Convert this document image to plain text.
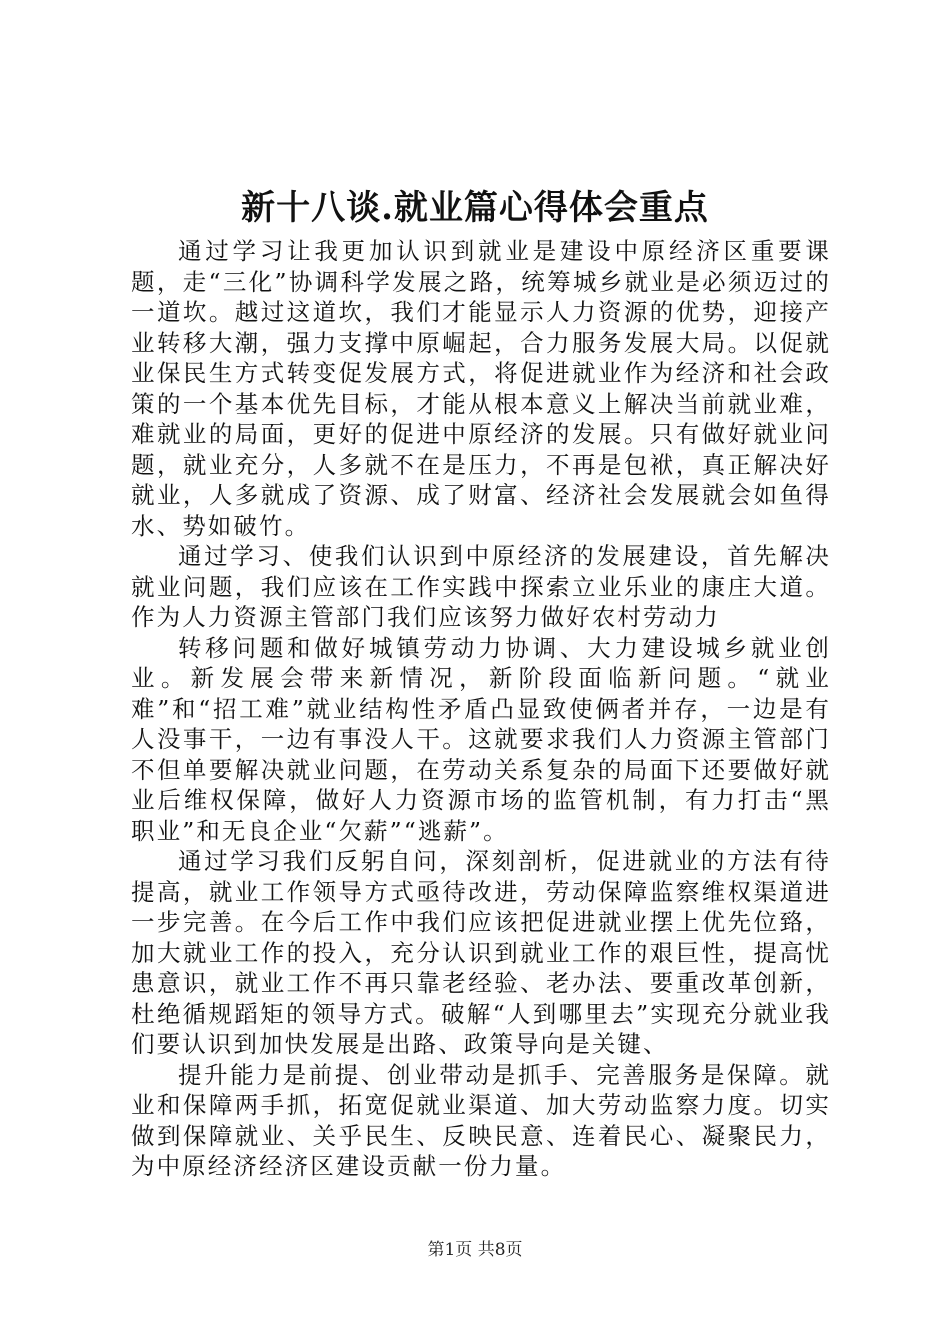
新十八谈.就业篇心得体会重点

通过学习让我更加认识到就业是建设中原经济区重要课题，走“三化”协调科学发展之路，统筹城乡就业是必须迈过的一道坎。越过这道坎，我们才能显示人力资源的优势，迎接产业转移大潮，强力支撑中原崛起，合力服务发展大局。以促就业保民生方式转变促发展方式，将促进就业作为经济和社会政策的一个基本优先目标，才能从根本意义上解决当前就业难，难就业的局面，更好的促进中原经济的发展。只有做好就业问题，就业充分，人多就不在是压力，不再是包袱，真正解决好就业，人多就成了资源、成了财富、经济社会发展就会如鱼得水、势如破竹。

通过学习、使我们认识到中原经济的发展建设，首先解决就业问题，我们应该在工作实践中探索立业乐业的康庄大道。作为人力资源主管部门我们应该努力做好农村劳动力

转移问题和做好城镇劳动力协调、大力建设城乡就业创业。新发展会带来新情况，新阶段面临新问题。“就业难”和“招工难”就业结构性矛盾凸显致使俩者并存，一边是有人没事干，一边有事没人干。这就要求我们人力资源主管部门不但单要解决就业问题，在劳动关系复杂的局面下还要做好就业后维权保障，做好人力资源市场的监管机制，有力打击“黑职业”和无良企业“欠薪”“逃薪”。

通过学习我们反躬自问，深刻剖析，促进就业的方法有待提高，就业工作领导方式亟待改进，劳动保障监察维权渠道进一步完善。在今后工作中我们应该把促进就业摆上优先位臵，加大就业工作的投入，充分认识到就业工作的艰巨性，提高忧患意识，就业工作不再只靠老经验、老办法、要重改革创新，杜绝循规蹈矩的领导方式。破解“人到哪里去”实现充分就业我们要认识到加快发展是出路、政策导向是关键、

提升能力是前提、创业带动是抓手、完善服务是保障。就业和保障两手抓，拓宽促就业渠道、加大劳动监察力度。切实做到保障就业、关乎民生、反映民意、连着民心、凝聚民力，为中原经济经济区建设贡献一份力量。

第1页 共8页
